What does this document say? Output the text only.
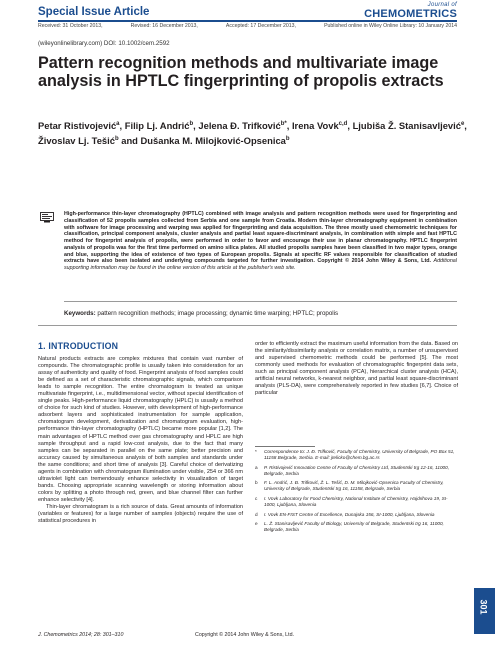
Special Issue Article
Journal of
CHEMOMETRICS
Received: 31 October 2013,	Revised: 16 December 2013,	Accepted: 17 December 2013,	Published online in Wiley Online Library: 10 January 2014
(wileyonlinelibrary.com) DOI: 10.1002/cem.2592
Pattern recognition methods and multivariate image analysis in HPTLC fingerprinting of propolis extracts
Petar Ristivojević$^a$, Filip Lj. Andrić$^b$, Jelena Đ. Trifković$^{b*}$, Irena Vovk$^{c,d}$, Ljubiša Ž. Stanisavljević$^e$, Živoslav Lj. Tešić$^b$ and Dušanka M. Milojković-Opsenica$^b$
High-performance thin-layer chromatography (HPTLC) combined with image analysis and pattern recognition methods were used for fingerprinting and classification of 52 propolis samples collected from Serbia and one sample from Croatia. Modern thin-layer chromatography equipment in combination with software for image processing and warping was applied for fingerprinting and data acquisition. The three mostly used chemometric techniques for classification, principal component analysis, cluster analysis and partial least square-discriminant analysis, in combination with simple and fast HPTLC method for fingerprint analysis of propolis, were performed in order to favor and encourage their use in planar chromatography. HPTLC fingerprint analysis of propolis was for the first time performed on amino silica plates. All studied propolis samples have been classified in two major types, orange and blue, supporting the idea of existence of two types of European propolis. Signals at specific RF values responsible for classification of studied extracts have also been isolated and underlying compounds targeted for further investigation. Copyright © 2014 John Wiley & Sons, Ltd. Additional supporting information may be found in the online version of this article at the publisher's web site.
Keywords: pattern recognition methods; image processing; dynamic time warping; HPTLC; propolis
1. INTRODUCTION

Natural products extracts are complex mixtures that contain vast number of compounds. The chromatographic profile is usually taken into consideration for an assay of authenticity and quality of food. Fingerprint analysis of food samples could be defined as a set of characteristic chromatographic signals, which comparison leads to sample recognition. The entire chromatogram is treated as unique multivariate fingerprint, i.e., multidimensional vector, without special identification of single peaks. High-performance liquid chromatography (HPLC) is usually a method of choice for such kind of studies. However, with development of high-performance adsorbent layers and sophisticated instrumentation for sample application, chromatogram development, derivatization and chromatogram evaluation, high-performance thin-layer chromatography (HPTLC) became more popular [1,2]. The main advantages of HPTLC method over gas chromatography and HPLC are high sample throughput and a rapid low-cost analysis, due to the fact that many samples can be separated in parallel on the same plate; better precision and accuracy caused by simultaneous analysis of both samples and standards under the same conditions; and short time of analysis [3]. Careful choice of derivatizing agents in combination with chromatogram illumination under visible, 254 or 366 nm ultraviolet light can tremendously enhance selectivity in visualization of target bands. Choosing appropriate scanning wavelength or storing information about colors by splitting a photo through red, green, and blue channel filter can further enhance selectivity [4].

Thin-layer chromatogram is a rich source of data. Great amounts of information (variables or features) for a large number of samples (objects) require the use of statistical procedures in

order to efficiently extract the maximum useful information from the data. Based on the similarity/dissimilarity analysis or correlation matrix, a number of unsupervised and supervised chemometric methods could be performed [5]. The most commonly used methods for evaluation of chromatographic fingerprint data sets, such as principal component analysis (PCA), hierarchical cluster analysis (HCA), artificial neural networks, k-nearest neighbor, and partial least square-discriminant analysis (PLS-DA), were comprehensively reported in few studies [6,7]. Choice of particular

*	Correspondence to: J. Đ. Trifković, Faculty of Chemistry, University of Belgrade, PO Box 51, 11158 Belgrade, Serbia. E-mail: jtelicko@chem.bg.ac.rs
a	P. Ristivojević Innovation Centre of Faculty of Chemistry Ltd, Studentski trg 12-16, 11000, Belgrade, Serbia
b	F. L. Andrić, J. Đ. Trifković, Ž. L. Tešić, D. M. Milojković-Opsenica Faculty of Chemistry, University of Belgrade, Studentski trg 16, 11158, Belgrade, Serbia
c	I. Vovk Laboratory for Food Chemistry, National Institute of Chemistry, Hajdrihova 19, SI-1000, Ljubljana, Slovenia
d	I. Vovk EN-FIST Centre of Excellence, Dunajska 156, SI-1000, Ljubljana, Slovenia
e	L. Ž. Stanisavljević Faculty of Biology, University of Belgrade, Studentski trg 16, 11000, Belgrade, Serbia
301
J. Chemometrics 2014; 28: 301–310	Copyright © 2014 John Wiley & Sons, Ltd.
